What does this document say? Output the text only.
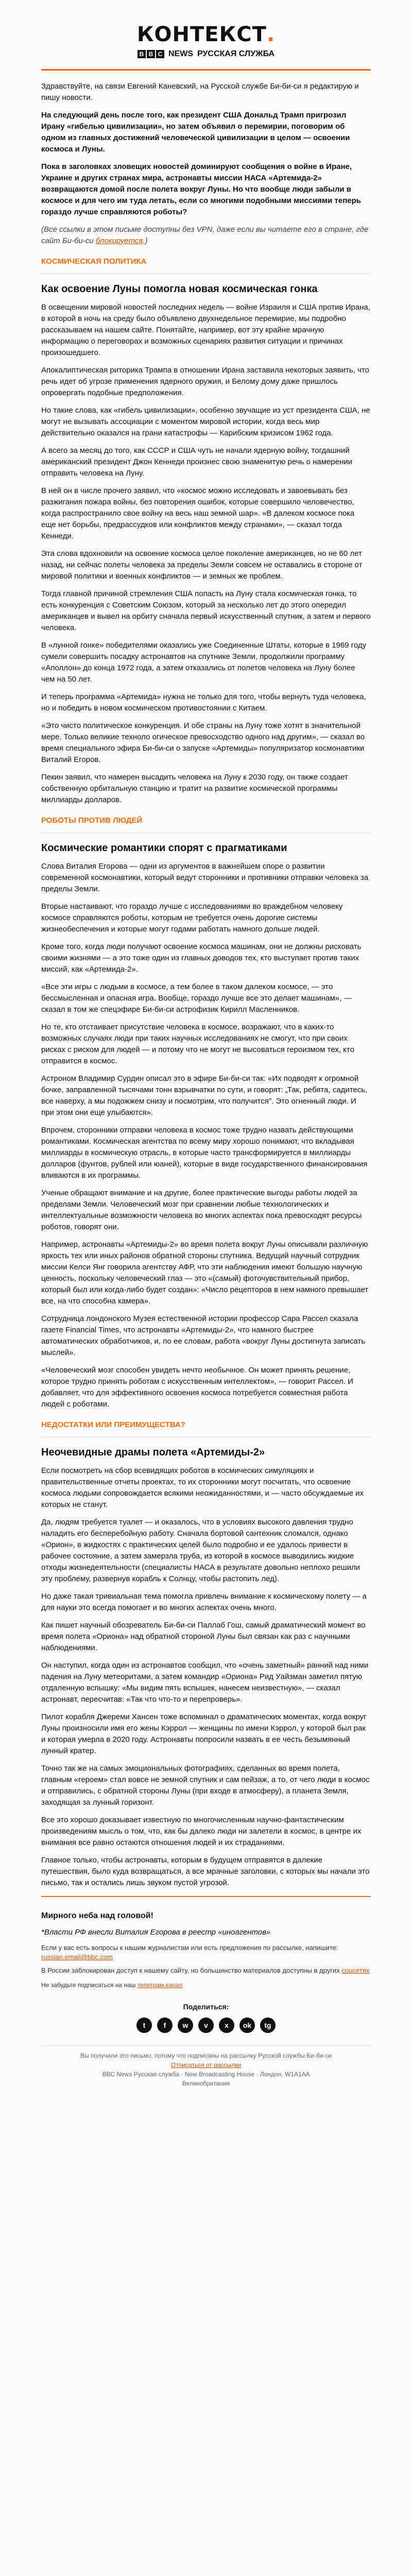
КОНТЕКСТ.
B B C NEWS РУССКАЯ СЛУЖБА

Здравствуйте, на связи Евгений Каневский, на Русской службе Би-би-си я редактирую и пишу новости.

На следующий день после того, как президент США Дональд Трамп пригрозил Ирану «гибелью цивилизации», но затем объявил о перемирии, поговорим об одном из главных достижений человеческой цивилизации в целом — освоении космоса и Луны.

Пока в заголовках зловещих новостей доминируют сообщения о войне в Иране, Украине и других странах мира, астронавты миссии НАСА «Артемида-2» возвращаются домой после полета вокруг Луны. Но что вообще люди забыли в космосе и для чего им туда летать, если со многими подобными миссиями теперь гораздо лучше справляются роботы?

(Все ссылки в этом письме доступны без VPN, даже если вы читаете его в стране, где сайт Би-би-си блокируется.)

КОСМИЧЕСКАЯ ПОЛИТИКА
Как освоение Луны помогла новая космическая гонка

В освещении мировой новостей последних недель — войне Израиля и США против Ирана, в которой в ночь на среду было объявлено двухнедельное перемирие, мы подробно рассказываем на нашем сайте. Понятайте, например, вот эту крайне мрачную информацию о переговорах и возможных сценариях развития ситуации и причинах произошедшего.

Апокалиптическая риторика Трампа в отношении Ирана заставила некоторых заявить, что речь идет об угрозе применения ядерного оружия, и Белому дому даже пришлось опровергать подобные предположения.

Но такие слова, как «гибель цивилизации», особенно звучащие из уст президента США, не могут не вызывать ассоциации с моментом мировой истории, когда весь мир действительно оказался на грани катастрофы — Карибским кризисом 1962 года.

А всего за месяц до того, как СССР и США чуть не начали ядерную войну, тогдашний американский президент Джон Кеннеди произнес свою знаменитую речь о намерении отправить человека на Луну.

В ней он в числе прочего заявил, что «космос можно исследовать и завоевывать без разжигания пожара войны, без повторения ошибок, которые совершило человечество, когда распространило свое войну на весь наш земной шар». «В далеком космосе пока еще нет борьбы, предрассудков или конфликтов между странами», — сказал тогда Кеннеди.

Эта слова вдохновили на освоение космоса целое поколение американцев, но не 60 лет назад, ни сейчас полеты человека за пределы Земли совсем не оставались в стороне от мировой политики и военных конфликтов — и земных же проблем.

Тогда главной причиной стремления США попасть на Луну стала космическая гонка, то есть конкуренция с Советским Союзом, который за несколько лет до этого опередил американцев и вывел на орбиту сначала первый искусственный спутник, а затем и первого человека.

В «лунной гонке» победителями оказались уже Соединенные Штаты, которые в 1969 году сумели совершить посадку астронавтов на спутнике Земли, продолжили программу «Аполлон» до конца 1972 года, а затем отказались от полетов человека на Луну более чем на 50 лет.

И теперь программа «Артемида» нужна не только для того, чтобы вернуть туда человека, но и победить в новом космическом противостоянии с Китаем.

«Это чисто политическое конкуренция. И обе страны на Луну тоже хотят в значительной мере. Только великие техноло огическое превосходство одного над другим», — сказал во время специального эфира Би-би-си о запуске «Артемиды» популяризатор космонавтики Виталий Егоров.

Пекин заявил, что намерен высадить человека на Луну к 2030 году, он также создает собственную орбитальную станцию и тратит на развитие космической программы миллиарды долларов.

РОБОТЫ ПРОТИВ ЛЮДЕЙ
Космические романтики спорят с прагматиками

Слова Виталия Егорова — одни из аргументов в важнейшем споре о развитии современной космонавтики, который ведут сторонники и противники отправки человека за пределы Земли.

Вторые настаивают, что гораздо лучше с исследованиями во враждебном человеку космосе справляются роботы, которым не требуется очень дорогие системы жизнеобеспечения и которые могут годами работать намного дольше людей.

Кроме того, когда люди получают освоение космоса машинам, они не должны рисковать своими жизнями — а это тоже один из главных доводов тех, кто выступает против таких миссий, как «Артемида-2».

«Все эти игры с людьми в космосе, а тем более в таком далеком космосе, — это бессмысленная и опасная игра. Вообще, гораздо лучше все это делает машинам», — сказал в том же спецэфире Би-би-си астрофизик Кирилл Масленников.

Но те, кто отстаивает присутствие человека в космосе, возражают, что в каких-то возможных случаях люди при таких научных исследованиях не смогут, что при своих рисках с риском для людей — и потому что не могут не высоваться героизмом тех, кто отправится в космос.

Астроном Владимир Сурдин описал это в эфире Би-би-си так: «Их подводят к огромной бочке, заправленной тысячами тонн взрывчатки по сути, и говорят: „Так, ребята, садитесь, все наверху, а мы подожжем снизу и посмотрим, что получится". Это огненный люди. И при этом они еще улыбаются».

Впрочем, сторонники отправки человека в космос тоже трудно назвать действующими романтиками. Космическая агентства по всему миру хорошо понимают, что вкладывая миллиарды в космическую отрасль, в которые часто трансформируется в миллиарды долларов (фунтов, рублей или юаней), которые в виде государственного финансирования вливаются в их программы.

Ученые обращают внимание и на другие, более практические выгоды работы людей за пределами Земли. Человеческий мозг при сравнении любые технологических и интеллектуальные возможности человека во многих аспектах пока превосходят ресурсы роботов, говорят они.

Например, астронавты «Артемиды-2» во время полета вокруг Луны описывали различную яркость тех или иных районов обратной стороны спутника. Ведущий научный сотрудник миссии Келси Янг говорила агентству АФР, что эти наблюдения имеют большую научную ценность, поскольку человеческий глаз — это «(самый) фоточувствительный прибор, который был или когда-либо будет создан»: «Число рецепторов в нем намного превышает все, на что способна камера».

Сотрудница лондонского Музея естественной истории профессор Сара Рассел сказала газете Financial Times, что астронавты «Артемиды-2», что намного быстрее автоматических обработчиков, и, по ее словам, работа «вокруг Луны достигнута записать мыслей».

«Человеческий мозг способен увидеть нечто необычное. Он может принять решение, которое трудно принять роботам с искусственным интеллектом», — говорит Рассел. И добавляет, что для эффективного освоения космоса потребуется совместная работа людей с роботами.

НЕДОСТАТКИ ИЛИ ПРЕИМУЩЕСТВА?
Неочевидные драмы полета «Артемиды-2»

Если посмотреть на сбор всевидящих роботов в космических симуляциях и правительственные отчеты проектах, то их сторонники могут посчитать, что освоение космоса людьми сопровождается всякими неожиданностями, и — часто обсуждаемые их которых не станут.

Да, людям требуется туалет — и оказалось, что в условиях высокого давления трудно наладить его бесперебойную работу. Сначала бортовой сантехник сломался, однако «Орион», в жидкостях с практических целей было подробно и ее удалось привести в рабочее состояние, а затем замерзла труба, из которой в космосе выводились жидкие отходы жизнедеятельности (специалисты НАСА в результате довольно неплохо решили эту проблему, развернув корабль к Солнцу, чтобы растопить лед).

Но даже такая тривиальная тема помогла привлечь внимание к космическому полету — а для науки это всегда помогает и во многих аспектах очень много.

Как пишет научный обозреватель Би-би-си Паллаб Гош, самый драматический момент во время полета «Ориона» над обратной стороной Луны был связан как раз с научными наблюдениями.

Он наступил, когда один из астронавтов сообщил, что «очень заметный» ранний над ними падения на Луну метеоритами, а затем командир «Ориона» Рид Уайзман заметил пятую отдаленную вспышку: «Мы видим пять вспышек, нанесем неизвестную», — сказал астронавт, пересчитав: «Так что что-то и перепроверь».

Пилот корабля Джереми Хансен тоже вспоминал о драматических моментах, когда вокруг Луны произносили имя его жены Кэррол — женщины по имени Кэррол, у которой был рак и которая умерла в 2020 году. Астронавты попросили назвать в ее честь безымянный лунный кратер.

Точно так же на самых эмоциональных фотографиях, сделанных во время полета, главным «героем» стал вовсе не земной спутник и сам пейзаж, а то, от чего люди в космос и отправились, с обратной стороны Луны (при входе в атмосферу), а планета Земля, заходящая за лунный горизонт.

Все это хорошо доказывает известную по многочисленным научно-фантастическим произведениям мысль о том, что, как бы далеко люди ни залетели в космос, в центре их внимания все равно остаются отношения людей и их страданиями.

Главное только, чтобы астронавты, которым в будущем отправятся в далекие путешествия, было куда возвращаться, а все мрачные заголовки, с которых мы начали это письмо, так и остались лишь звуком пустой угрозой.

Мирного неба над головой!
*Власти РФ внесли Виталия Егорова в реестр «иноагентов»
Если у вас есть вопросы к нашим журналистам или есть предложения по рассылке, напишите: russian.email@bbc.com
В России заблокирован доступ к нашему сайту, но большинство материалов доступны в других соцсетях
Не забудьте подписаться на наш телеграм-канал
Поделиться:
t	f	w	v	x	ok	tg
Вы получили это письмо, потому что подписаны на рассылку Русской службы Би-би-си
Отписаться от рассылки
BBC News Русская служба · New Broadcasting House · Лондон, W1A1AA
Великобритания
